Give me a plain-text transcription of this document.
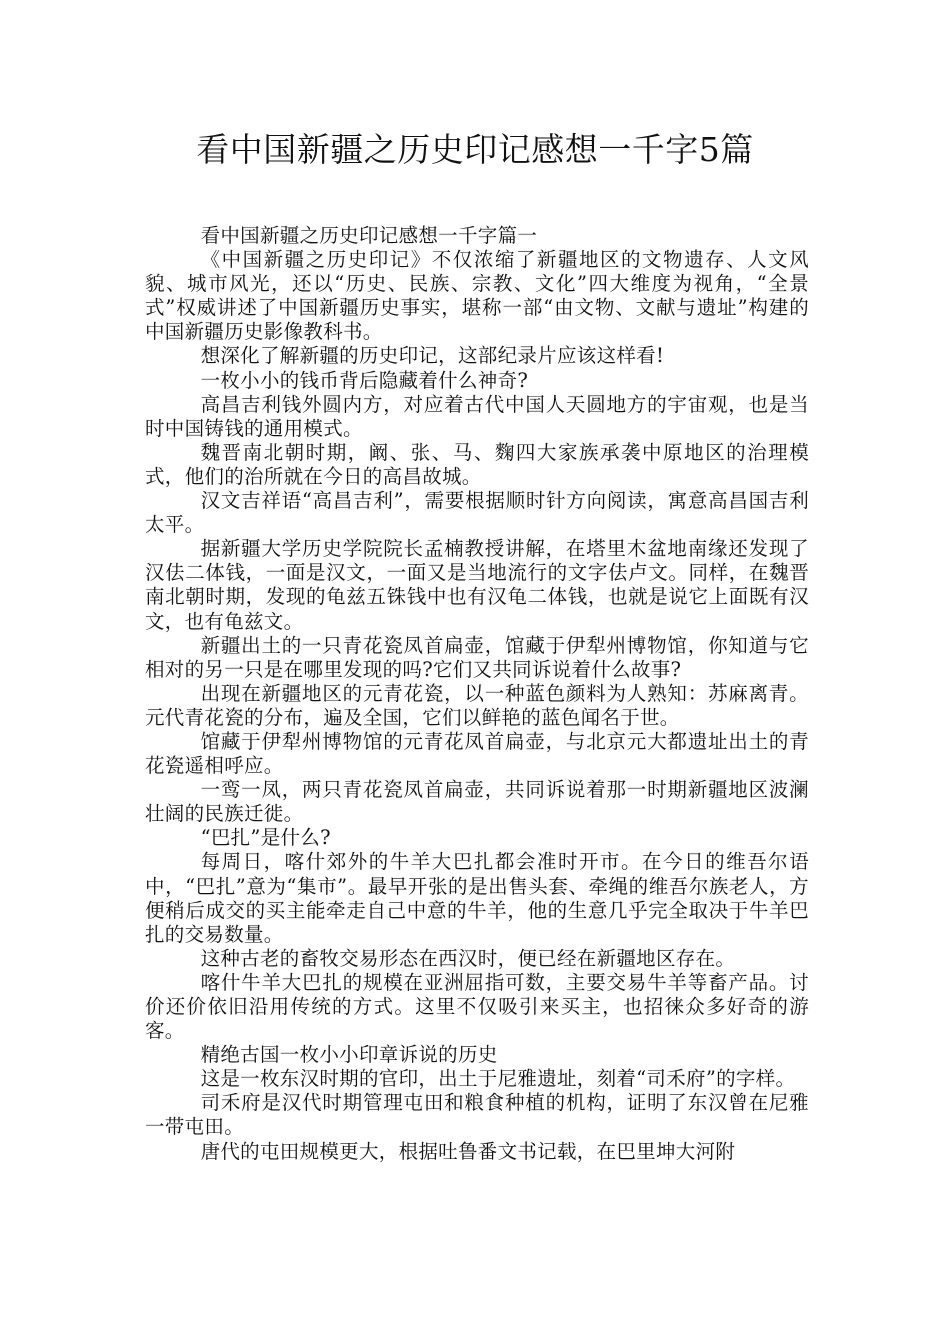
看中国新疆之历史印记感想一千字5篇

看中国新疆之历史印记感想一千字篇一

《中国新疆之历史印记》不仅浓缩了新疆地区的文物遗存、人文风貌、城市风光，还以“历史、民族、宗教、文化”四大维度为视角，“全景式”权威讲述了中国新疆历史事实，堪称一部“由文物、文献与遗址”构建的中国新疆历史影像教科书。

想深化了解新疆的历史印记，这部纪录片应该这样看!

一枚小小的钱币背后隐藏着什么神奇?

高昌吉利钱外圆内方，对应着古代中国人天圆地方的宇宙观，也是当时中国铸钱的通用模式。

魏晋南北朝时期，阚、张、马、麴四大家族承袭中原地区的治理模式，他们的治所就在今日的高昌故城。

汉文吉祥语“高昌吉利”，需要根据顺时针方向阅读，寓意高昌国吉利太平。

据新疆大学历史学院院长孟楠教授讲解，在塔里木盆地南缘还发现了汉佉二体钱，一面是汉文，一面又是当地流行的文字佉卢文。同样，在魏晋南北朝时期，发现的龟兹五铢钱中也有汉龟二体钱，也就是说它上面既有汉文，也有龟兹文。

新疆出土的一只青花瓷凤首扁壶，馆藏于伊犁州博物馆，你知道与它相对的另一只是在哪里发现的吗?它们又共同诉说着什么故事?

出现在新疆地区的元青花瓷，以一种蓝色颜料为人熟知：苏麻离青。元代青花瓷的分布，遍及全国，它们以鲜艳的蓝色闻名于世。

馆藏于伊犁州博物馆的元青花凤首扁壶，与北京元大都遗址出土的青花瓷遥相呼应。

一鸾一凤，两只青花瓷凤首扁壶，共同诉说着那一时期新疆地区波澜壮阔的民族迁徙。

“巴扎”是什么?

每周日，喀什郊外的牛羊大巴扎都会准时开市。在今日的维吾尔语中，“巴扎”意为“集市”。最早开张的是出售头套、牵绳的维吾尔族老人，方便稍后成交的买主能牵走自己中意的牛羊，他的生意几乎完全取决于牛羊巴扎的交易数量。

这种古老的畜牧交易形态在西汉时，便已经在新疆地区存在。

喀什牛羊大巴扎的规模在亚洲屈指可数，主要交易牛羊等畜产品。讨价还价依旧沿用传统的方式。这里不仅吸引来买主，也招徕众多好奇的游客。

精绝古国一枚小小印章诉说的历史

这是一枚东汉时期的官印，出土于尼雅遗址，刻着“司禾府”的字样。

司禾府是汉代时期管理屯田和粮食种植的机构，证明了东汉曾在尼雅一带屯田。

唐代的屯田规模更大，根据吐鲁番文书记载，在巴里坤大河附
